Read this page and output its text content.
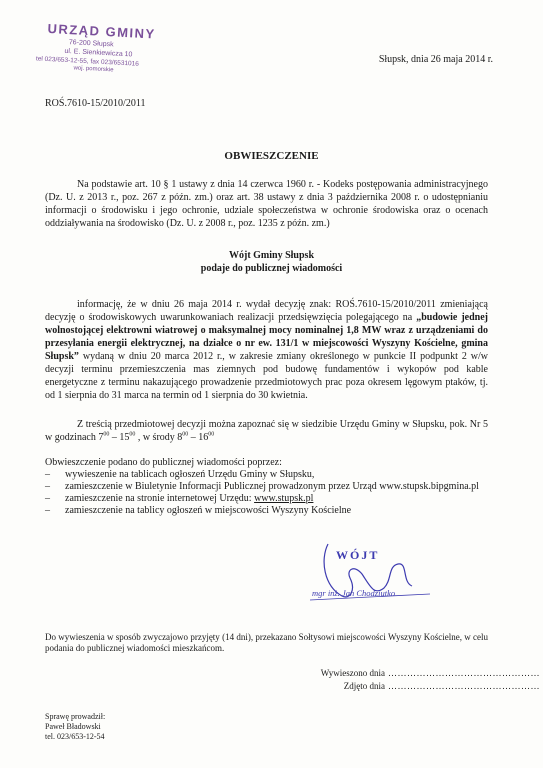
URZĄD GMINY
76-200 Słupsk
ul. E. Sienkiewicza 10
tel 023/653-12-55, fax 023/6531016
woj. pomorskie
Słupsk, dnia 26 maja 2014 r.
ROŚ.7610-15/2010/2011
OBWIESZCZENIE
Na podstawie art. 10 § 1 ustawy z dnia 14 czerwca 1960 r. - Kodeks postępowania administracyjnego (Dz. U. z 2013 r., poz. 267 z późn. zm.) oraz art. 38 ustawy z dnia 3 października 2008 r. o udostępnianiu informacji o środowisku i jego ochronie, udziale społeczeństwa w ochronie środowiska oraz o ocenach oddziaływania na środowisko (Dz. U. z 2008 r., poz. 1235 z późn. zm.)
Wójt Gminy Słupsk
podaje do publicznej wiadomości
informację, że w dniu 26 maja 2014 r. wydał decyzję znak: ROŚ.7610-15/2010/2011 zmieniającą decyzję o środowiskowych uwarunkowaniach realizacji przedsięwzięcia polegającego na „budowie jednej wolnostojącej elektrowni wiatrowej o maksymalnej mocy nominalnej 1,8 MW wraz z urządzeniami do przesyłania energii elektrycznej, na działce o nr ew. 131/1 w miejscowości Wyszyny Kościelne, gmina Słupsk” wydaną w dniu 20 marca 2012 r., w zakresie zmiany określonego w punkcie II podpunkt 2 w/w decyzji terminu przemieszczenia mas ziemnych pod budowę fundamentów i wykopów pod kable energetyczne z terminu nakazującego prowadzenie przedmiotowych prac poza okresem lęgowym ptaków, tj. od 1 sierpnia do 31 marca na termin od 1 sierpnia do 30 kwietnia.
Z treścią przedmiotowej decyzji można zapoznać się w siedzibie Urzędu Gminy w Słupsku, pok. Nr 5 w godzinach $7^{00} - 15^{00}$ , w środy $8^{00} - 16^{00}$
Obwieszczenie podano do publicznej wiadomości poprzez:
– wywieszenie na tablicach ogłoszeń Urzędu Gminy w Słupsku,
– zamieszczenie w Biuletynie Informacji Publicznej prowadzonym przez Urząd www.stupsk.bipgmina.pl
– zamieszczenie na stronie internetowej Urzędu: www.stupsk.pl
– zamieszczenie na tablicy ogłoszeń w miejscowości Wyszyny Kościelne
WÓJT
mgr inż. Jan Chodziutko
Do wywieszenia w sposób zwyczajowo przyjęty (14 dni), przekazano Sołtysowi miejscowości Wyszyny Kościelne, w celu podania do publicznej wiadomości mieszkańcom.
Wywieszono dnia …………………………………………
Zdjęto dnia …………………………………………
Sprawę prowadził:
Paweł Bładowski
tel. 023/653-12-54
